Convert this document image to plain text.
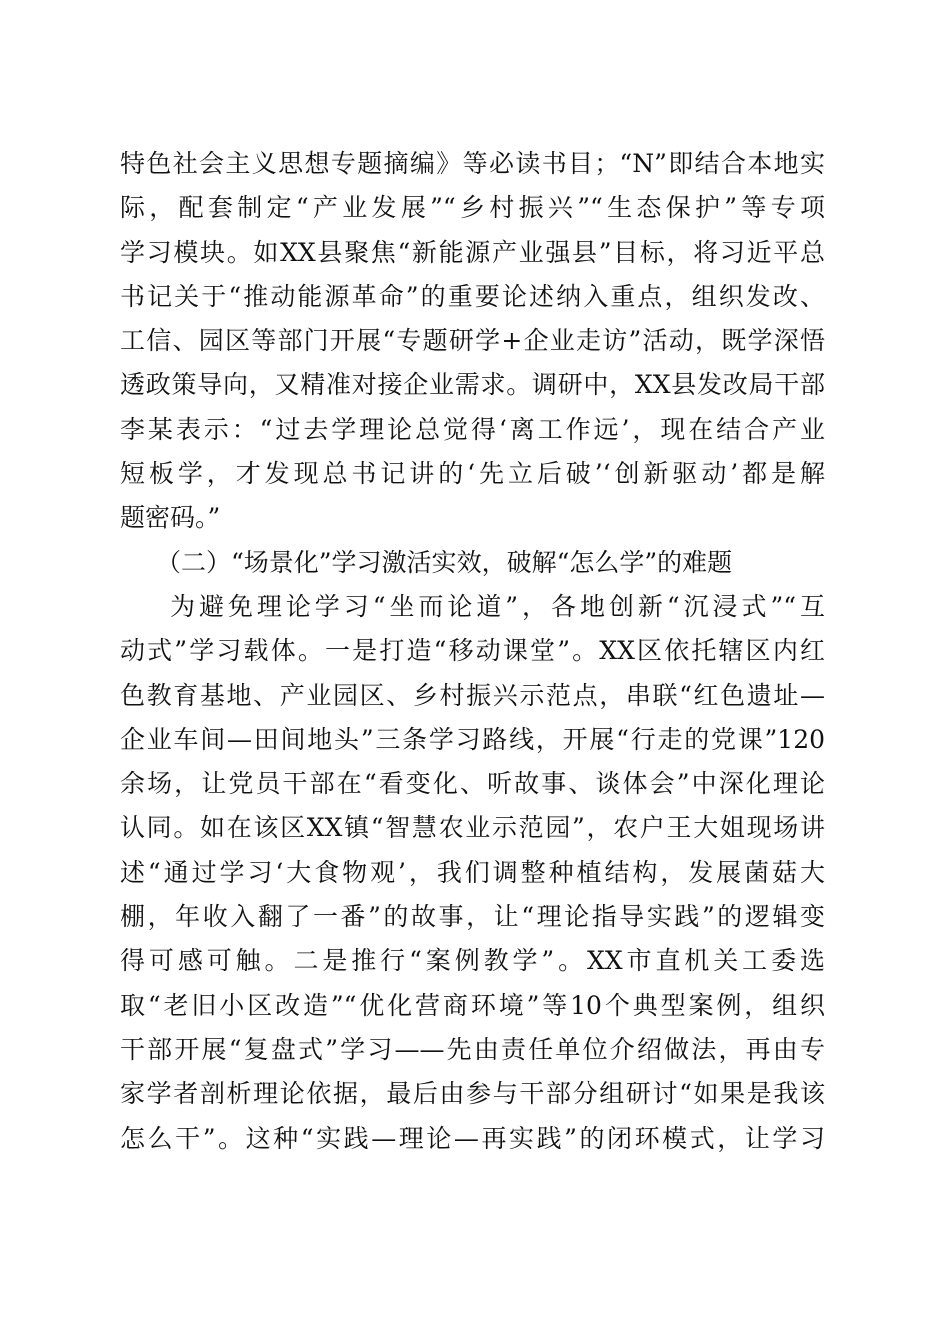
特色社会主义思想专题摘编》等必读书目；“N”即结合本地实
际，配套制定“产业发展”“乡村振兴”“生态保护”等专项
学习模块。如XX县聚焦“新能源产业强县”目标，将习近平总
书记关于“推动能源革命”的重要论述纳入重点，组织发改、
工信、园区等部门开展“专题研学+企业走访”活动，既学深悟
透政策导向，又精准对接企业需求。调研中，XX县发改局干部
李某表示：“过去学理论总觉得‘离工作远’，现在结合产业
短板学，才发现总书记讲的‘先立后破’‘创新驱动’都是解
题密码。”
（二）“场景化”学习激活实效，破解“怎么学”的难题
为避免理论学习“坐而论道”，各地创新“沉浸式”“互
动式”学习载体。一是打造“移动课堂”。XX区依托辖区内红
色教育基地、产业园区、乡村振兴示范点，串联“红色遗址—
企业车间—田间地头”三条学习路线，开展“行走的党课”120
余场，让党员干部在“看变化、听故事、谈体会”中深化理论
认同。如在该区XX镇“智慧农业示范园”，农户王大姐现场讲
述“通过学习‘大食物观’，我们调整种植结构，发展菌菇大
棚，年收入翻了一番”的故事，让“理论指导实践”的逻辑变
得可感可触。二是推行“案例教学”。XX市直机关工委选
取“老旧小区改造”“优化营商环境”等10个典型案例，组织
干部开展“复盘式”学习——先由责任单位介绍做法，再由专
家学者剖析理论依据，最后由参与干部分组研讨“如果是我该
怎么干”。这种“实践—理论—再实践”的闭环模式，让学习
